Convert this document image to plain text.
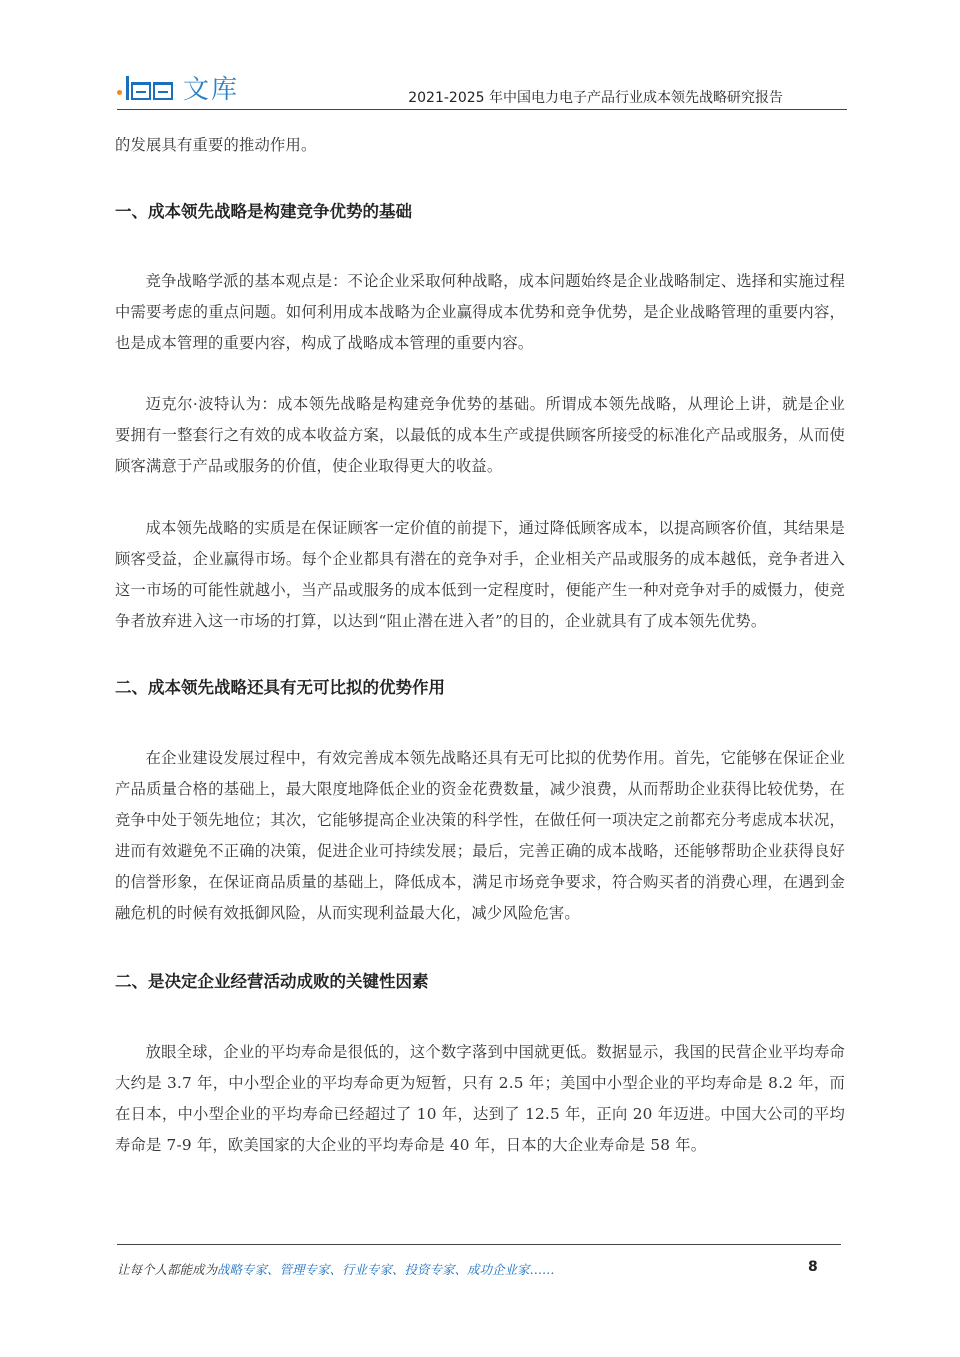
文库	2021-2025 年中国电力电子产品行业成本领先战略研究报告

的发展具有重要的推动作用。

一、成本领先战略是构建竞争优势的基础

竞争战略学派的基本观点是：不论企业采取何种战略，成本问题始终是企业战略制定、选择和实施过程中需要考虑的重点问题。如何利用成本战略为企业赢得成本优势和竞争优势，是企业战略管理的重要内容，也是成本管理的重要内容，构成了战略成本管理的重要内容。

迈克尔·波特认为：成本领先战略是构建竞争优势的基础。所谓成本领先战略，从理论上讲，就是企业要拥有一整套行之有效的成本收益方案，以最低的成本生产或提供顾客所接受的标准化产品或服务，从而使顾客满意于产品或服务的价值，使企业取得更大的收益。

成本领先战略的实质是在保证顾客一定价值的前提下，通过降低顾客成本，以提高顾客价值，其结果是顾客受益，企业赢得市场。每个企业都具有潜在的竞争对手，企业相关产品或服务的成本越低，竞争者进入这一市场的可能性就越小，当产品或服务的成本低到一定程度时，便能产生一种对竞争对手的威慑力，使竞争者放弃进入这一市场的打算，以达到“阻止潜在进入者”的目的，企业就具有了成本领先优势。

二、成本领先战略还具有无可比拟的优势作用

在企业建设发展过程中，有效完善成本领先战略还具有无可比拟的优势作用。首先，它能够在保证企业产品质量合格的基础上，最大限度地降低企业的资金花费数量，减少浪费，从而帮助企业获得比较优势，在竞争中处于领先地位；其次，它能够提高企业决策的科学性，在做任何一项决定之前都充分考虑成本状况，进而有效避免不正确的决策，促进企业可持续发展；最后，完善正确的成本战略，还能够帮助企业获得良好的信誉形象，在保证商品质量的基础上，降低成本，满足市场竞争要求，符合购买者的消费心理，在遇到金融危机的时候有效抵御风险，从而实现利益最大化，减少风险危害。

二、是决定企业经营活动成败的关键性因素

放眼全球，企业的平均寿命是很低的，这个数字落到中国就更低。数据显示，我国的民营企业平均寿命大约是 3.7 年，中小型企业的平均寿命更为短暂，只有 2.5 年；美国中小型企业的平均寿命是 8.2 年，而在日本，中小型企业的平均寿命已经超过了 10 年，达到了 12.5 年，正向 20 年迈进。中国大公司的平均寿命是 7-9 年，欧美国家的大企业的平均寿命是 40 年，日本的大企业寿命是 58 年。

让每个人都能成为战略专家、管理专家、行业专家、投资专家、成功企业家……	8
